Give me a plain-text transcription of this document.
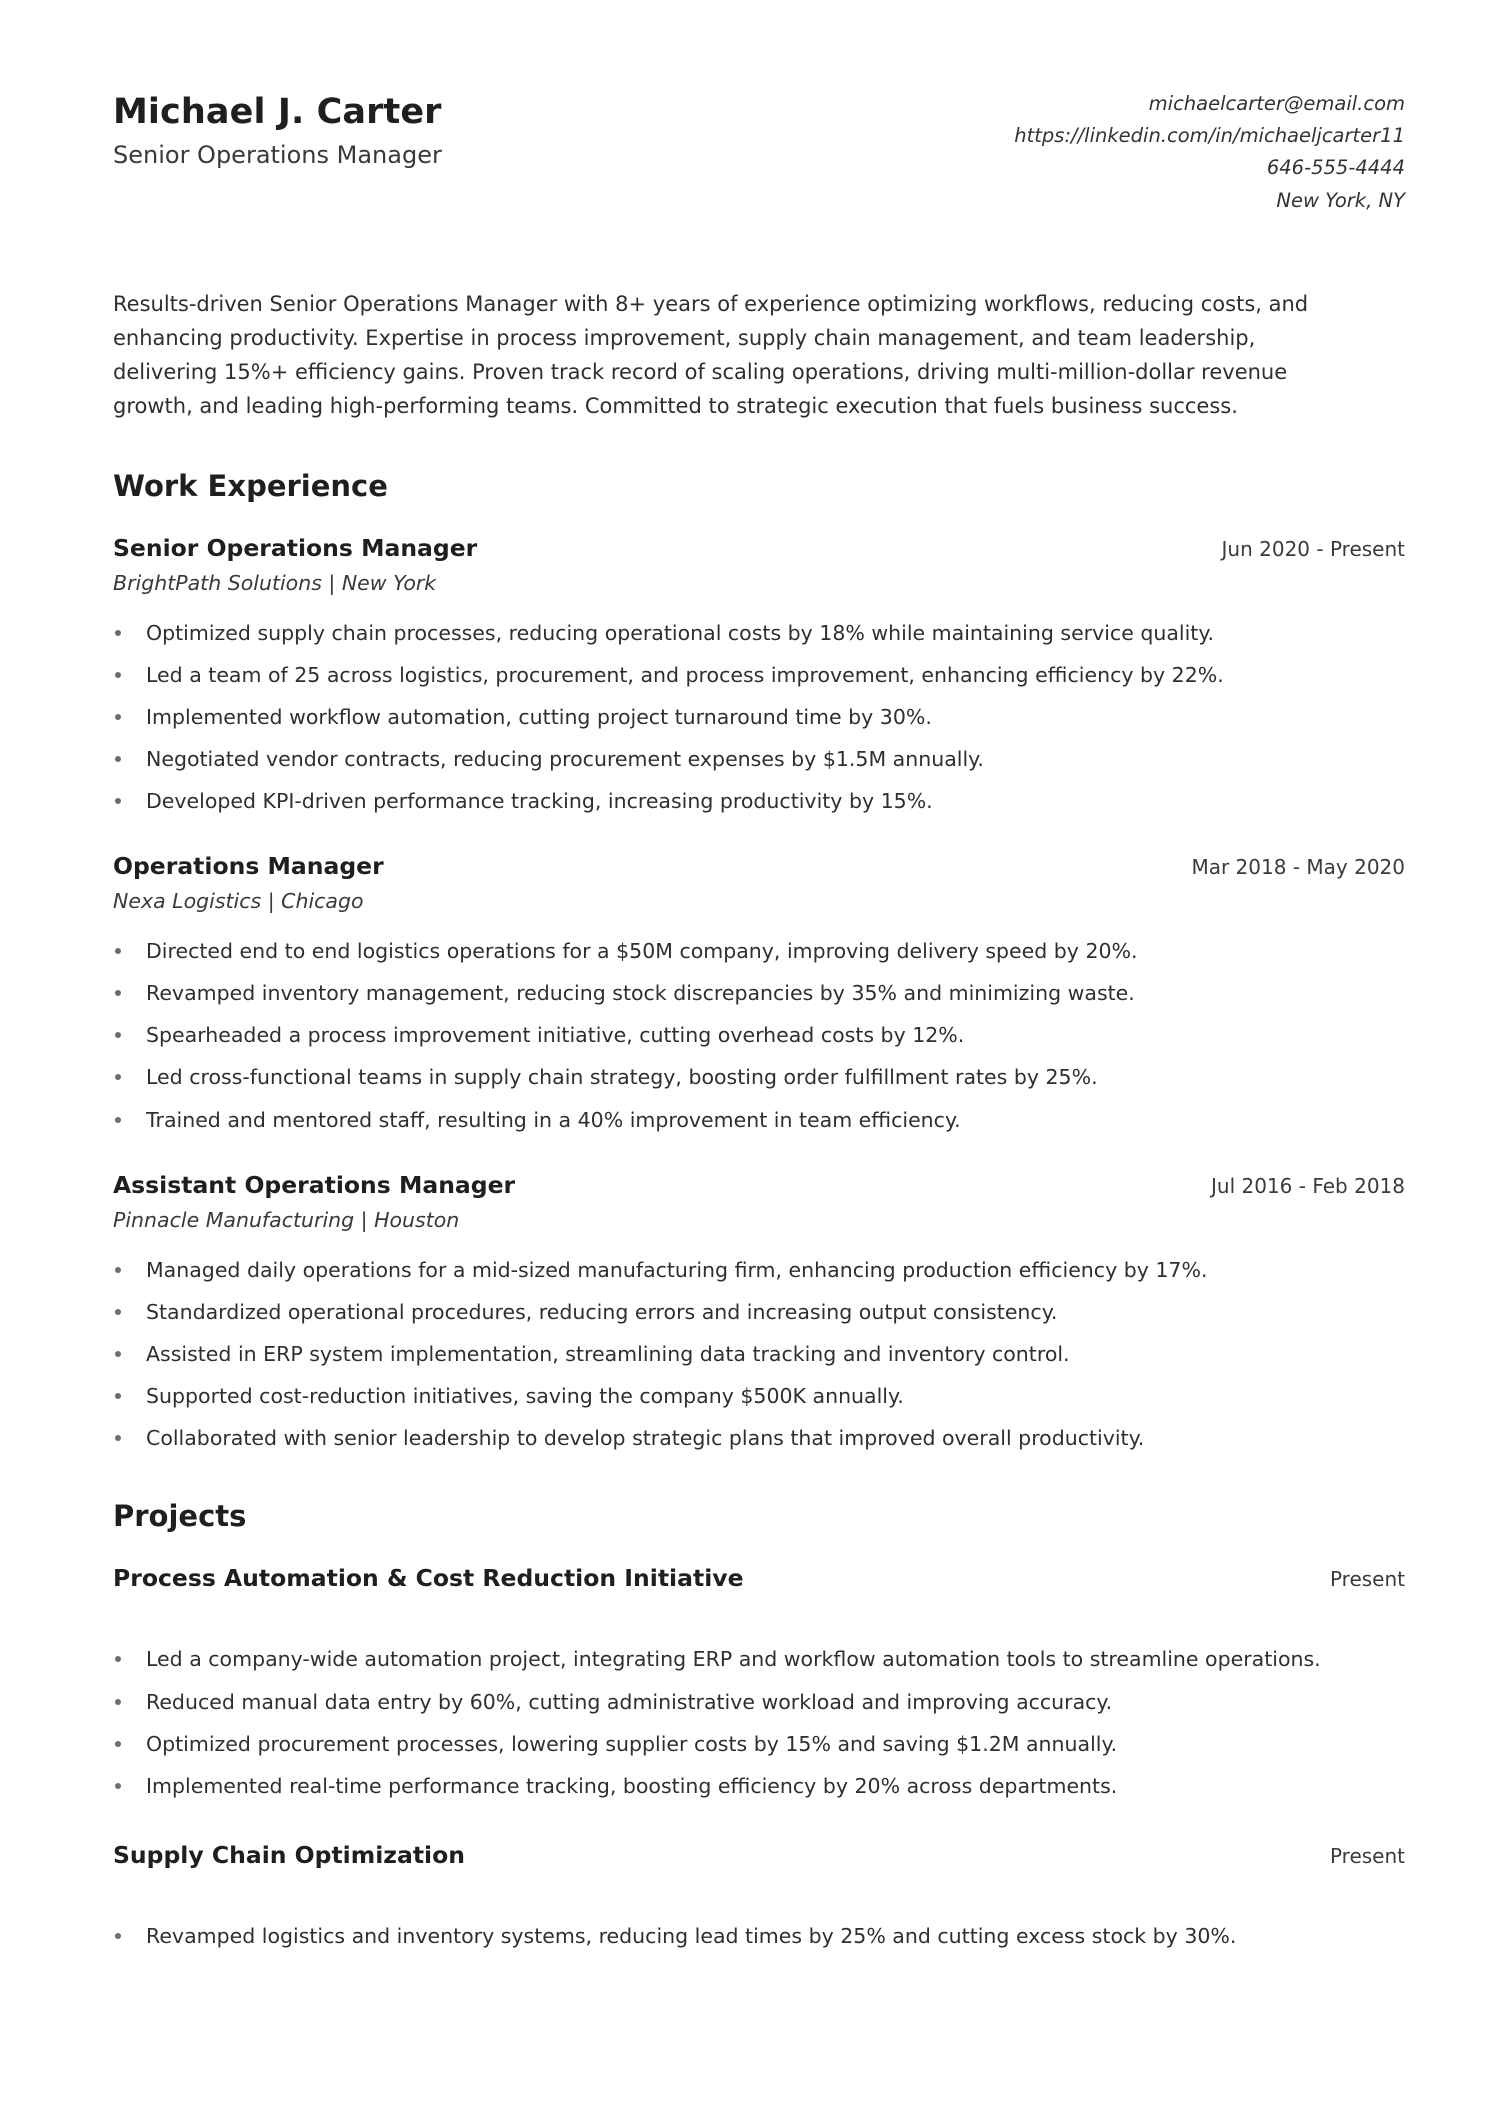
Michael J. Carter
Senior Operations Manager
michaelcarter@email.com
https://linkedin.com/in/michaeljcarter11
646-555-4444
New York, NY

Results-driven Senior Operations Manager with 8+ years of experience optimizing workflows, reducing costs, and enhancing productivity. Expertise in process improvement, supply chain management, and team leadership, delivering 15%+ efficiency gains. Proven track record of scaling operations, driving multi-million-dollar revenue growth, and leading high-performing teams. Committed to strategic execution that fuels business success.

Work Experience
Senior Operations Manager	Jun 2020 - Present
BrightPath Solutions | New York
Optimized supply chain processes, reducing operational costs by 18% while maintaining service quality.
Led a team of 25 across logistics, procurement, and process improvement, enhancing efficiency by 22%.
Implemented workflow automation, cutting project turnaround time by 30%.
Negotiated vendor contracts, reducing procurement expenses by $1.5M annually.
Developed KPI-driven performance tracking, increasing productivity by 15%.
Operations Manager	Mar 2018 - May 2020
Nexa Logistics | Chicago
Directed end to end logistics operations for a $50M company, improving delivery speed by 20%.
Revamped inventory management, reducing stock discrepancies by 35% and minimizing waste.
Spearheaded a process improvement initiative, cutting overhead costs by 12%.
Led cross-functional teams in supply chain strategy, boosting order fulfillment rates by 25%.
Trained and mentored staff, resulting in a 40% improvement in team efficiency.
Assistant Operations Manager	Jul 2016 - Feb 2018
Pinnacle Manufacturing | Houston
Managed daily operations for a mid-sized manufacturing firm, enhancing production efficiency by 17%.
Standardized operational procedures, reducing errors and increasing output consistency.
Assisted in ERP system implementation, streamlining data tracking and inventory control.
Supported cost-reduction initiatives, saving the company $500K annually.
Collaborated with senior leadership to develop strategic plans that improved overall productivity.
Projects
Process Automation & Cost Reduction Initiative	Present
Led a company-wide automation project, integrating ERP and workflow automation tools to streamline operations.
Reduced manual data entry by 60%, cutting administrative workload and improving accuracy.
Optimized procurement processes, lowering supplier costs by 15% and saving $1.2M annually.
Implemented real-time performance tracking, boosting efficiency by 20% across departments.
Supply Chain Optimization	Present
Revamped logistics and inventory systems, reducing lead times by 25% and cutting excess stock by 30%.
